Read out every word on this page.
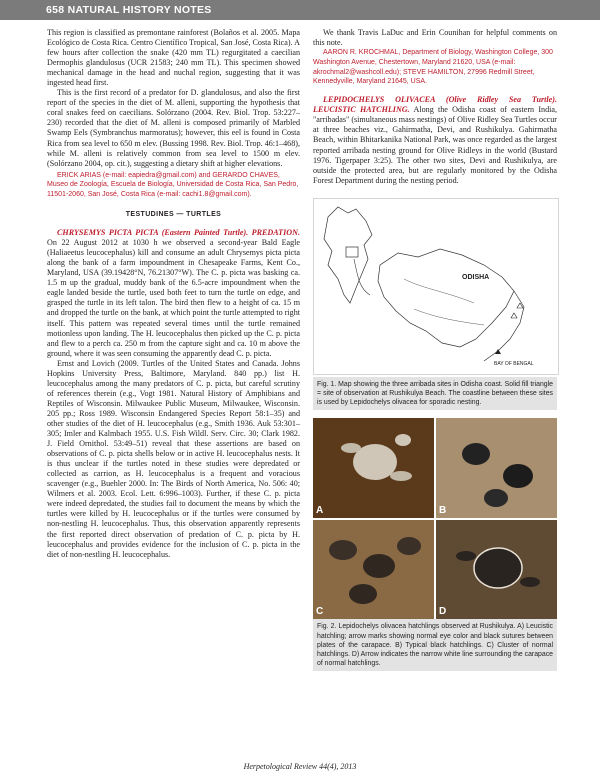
658 NATURAL HISTORY NOTES

This region is classified as premontane rainforest (Bolaños et al. 2005. Mapa Ecológico de Costa Rica. Centro Científico Tropical, San José, Costa Rica). A few hours after collection the snake (420 mm TL) regurgitated a caecilian Dermophis glandulosus (UCR 21583; 240 mm TL). This specimen showed mechanical damage in the head and nuchal region, suggesting that it was ingested head first.

This is the first record of a predator for D. glandulosus, and also the first report of the species in the diet of M. alleni, supporting the hypothesis that coral snakes feed on caecilians. Solórzano (2004. Rev. Biol. Trop. 53:227–230) recorded that the diet of M. alleni is composed primarily of Marbled Swamp Eels (Symbranchus marmoratus); however, this eel is found in Costa Rica from sea level to 650 m elev. (Bussing 1998. Rev. Biol. Trop. 46:1–468), while M. alleni is relatively common from sea level to 1500 m elev. (Solórzano 2004, op. cit.), suggesting a dietary shift at higher elevations.

ERICK ARIAS (e-mail: eapiedra@gmail.com) and GERARDO CHAVES, Museo de Zoología, Escuela de Biología, Universidad de Costa Rica, San Pedro, 11501-2060, San José, Costa Rica (e-mail: cachi1.8@gmail.com).

TESTUDINES — TURTLES

CHRYSEMYS PICTA PICTA (Eastern Painted Turtle). PREDATION. On 22 August 2012 at 1030 h we observed a second-year Bald Eagle (Haliaeetus leucocephalus) kill and consume an adult Chrysemys picta picta along the bank of a farm impoundment in Chesapeake Farms, Kent Co., Maryland, USA (39.19428°N, 76.21307°W). The C. p. picta was basking ca. 1.5 m up the gradual, muddy bank of the 6.5-acre impoundment when the eagle landed beside the turtle, used both feet to turn the turtle on edge, and grasped the turtle in its left talon. The bird then flew to a height of ca. 15 m and dropped the turtle on the bank, at which point the turtle attempted to right itself. This pattern was repeated several times until the turtle remained motionless upon landing. The H. leucocephalus then picked up the C. p. picta and flew to a perch ca. 250 m from the capture sight and ca. 10 m above the ground, where it was seen consuming the apparently dead C. p. picta.

Ernst and Lovich (2009. Turtles of the United States and Canada. Johns Hopkins University Press, Baltimore, Maryland. 840 pp.) list H. leucocephalus among the many predators of C. p. picta, but careful scrutiny of references therein (e.g., Vogt 1981. Natural History of Amphibians and Reptiles of Wisconsin. Milwaukee Public Museum, Milwaukee, Wisconsin. 205 pp.; Ross 1989. Wisconsin Endangered Species Report 58:1–35) and other studies of the diet of H. leucocephalus (e.g., Smith 1936. Auk 53:301–305; Imler and Kalmbach 1955. U.S. Fish Wildl. Serv. Circ. 30; Clark 1982. J. Field Ornithol. 53:49–51) reveal that these assertions are based on observations of C. p. picta shells below or in active H. leucocephalus nests. It is thus unclear if the turtles noted in these studies were depredated or collected as carrion, as H. leucocephalus is a frequent and voracious scavenger (e.g., Buehler 2000. In: The Birds of North America, No. 506: 40; Wilmers et al. 2003. Ecol. Lett. 6:996–1003). Further, if these C. p. picta were indeed depredated, the studies fail to document the means by which the turtles were killed by H. leucocephalus or if the turtles were consumed by non-nestling H. leucocephalus. Thus, this observation apparently represents the first reported direct observation of predation of C. p. picta by H. leucocephalus and provides evidence for the inclusion of C. p. picta in the diet of non-nestling H. leucocephalus.

We thank Travis LaDuc and Erin Counihan for helpful comments on this note.

AARON R. KROCHMAL, Department of Biology, Washington College, 300 Washington Avenue, Chestertown, Maryland 21620, USA (e-mail: akrochmal2@washcoll.edu); STEVE HAMILTON, 27996 Redmill Street, Kennedyville, Maryland 21645, USA.

LEPIDOCHELYS OLIVACEA (Olive Ridley Sea Turtle). LEUCISTIC HATCHLING. Along the Odisha coast of eastern India, "arribadas" (simultaneous mass nestings) of Olive Ridley Sea Turtles occur at three beaches viz., Gahirmatha, Devi, and Rushikulya. Gahirmatha Beach, within Bhitarkanika National Park, was once regarded as the largest reported arribada nesting ground for Olive Ridleys in the world (Bustard 1976. Tigerpaper 3:25). The other two sites, Devi and Rushikulya, are outside the protected area, but are regularly monitored by the Odisha Forest Department during the nesting period.

ODISHA
BAY OF BENGAL
Fig. 1. Map showing the three arribada sites in Odisha coast. Solid fill triangle = site of observation at Rushikulya Beach. The coastline between these sites is used by Lepidochelys olivacea for sporadic nesting.
A	B
C	D
Fig. 2. Lepidochelys olivacea hatchlings observed at Rushikulya. A) Leucistic hatchling; arrow marks showing normal eye color and black sutures between plates of the carapace. B) Typical black hatchlings. C) Cluster of normal hatchlings. D) Arrow indicates the narrow white line surrounding the carapace of normal hatchlings.
Herpetological Review 44(4), 2013
